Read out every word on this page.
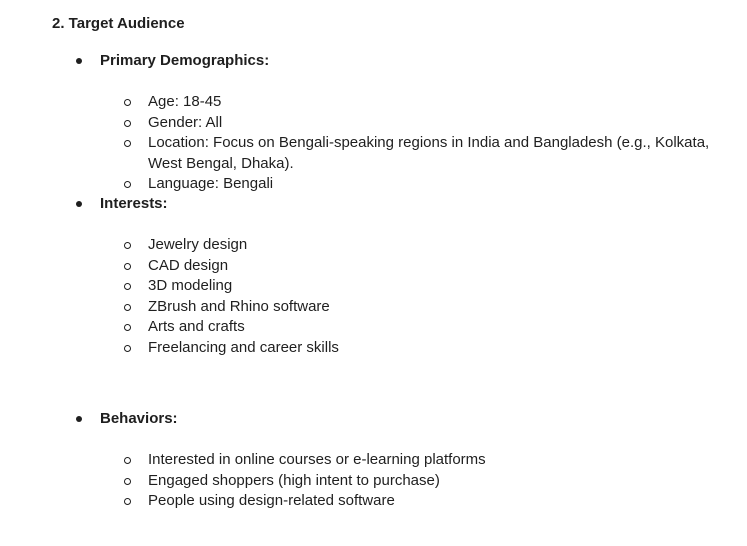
2. Target Audience
Primary Demographics:
Age: 18-45
Gender: All
Location: Focus on Bengali-speaking regions in India and Bangladesh (e.g., Kolkata, West Bengal, Dhaka).
Language: Bengali
Interests:
Jewelry design
CAD design
3D modeling
ZBrush and Rhino software
Arts and crafts
Freelancing and career skills
Behaviors:
Interested in online courses or e-learning platforms
Engaged shoppers (high intent to purchase)
People using design-related software
